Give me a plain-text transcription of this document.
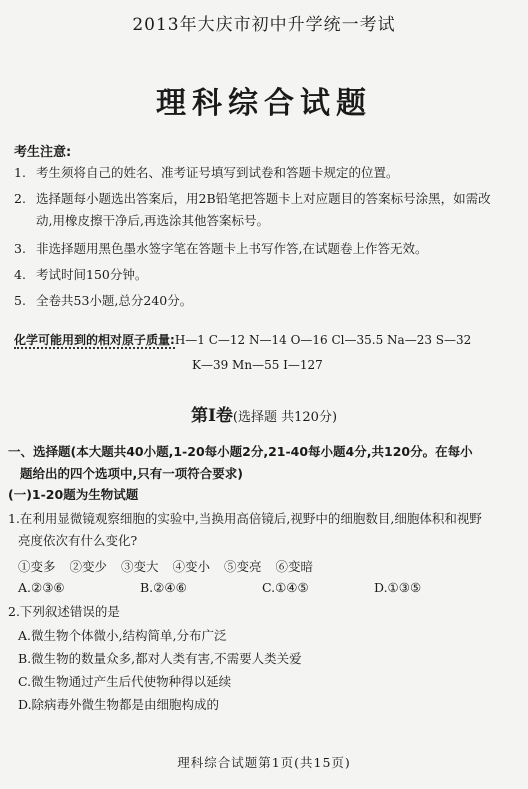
2013年大庆市初中升学统一考试
理科综合试题
考生注意:
1. 考生须将自己的姓名、准考证号填写到试卷和答题卡规定的位置。
2. 选择题每小题选出答案后，用2B铅笔把答题卡上对应题目的答案标号涂黑，如需改
动,用橡皮擦干净后,再选涂其他答案标号。
3. 非选择题用黑色墨水签字笔在答题卡上书写作答,在试题卷上作答无效。
4. 考试时间150分钟。
5. 全卷共53小题,总分240分。
化学可能用到的相对原子质量:H—1 C—12 N—14 O—16 Cl—35.5 Na—23 S—32
K—39 Mn—55 I—127
第Ⅰ卷(选择题 共120分)
一、选择题(本大题共40小题,1-20每小题2分,21-40每小题4分,共120分。在每小
题给出的四个选项中,只有一项符合要求)
(一)1-20题为生物试题
1.在利用显微镜观察细胞的实验中,当换用高倍镜后,视野中的细胞数目,细胞体积和视野
亮度依次有什么变化?
①变多 ②变少 ③变大 ④变小 ⑤变亮 ⑥变暗
A.②③⑥	B.②④⑥	C.①④⑤	D.①③⑤
2.下列叙述错误的是
A.微生物个体微小,结构简单,分布广泛
B.微生物的数量众多,都对人类有害,不需要人类关爱
C.微生物通过产生后代使物种得以延续
D.除病毒外微生物都是由细胞构成的
理科综合试题第1页(共15页)
